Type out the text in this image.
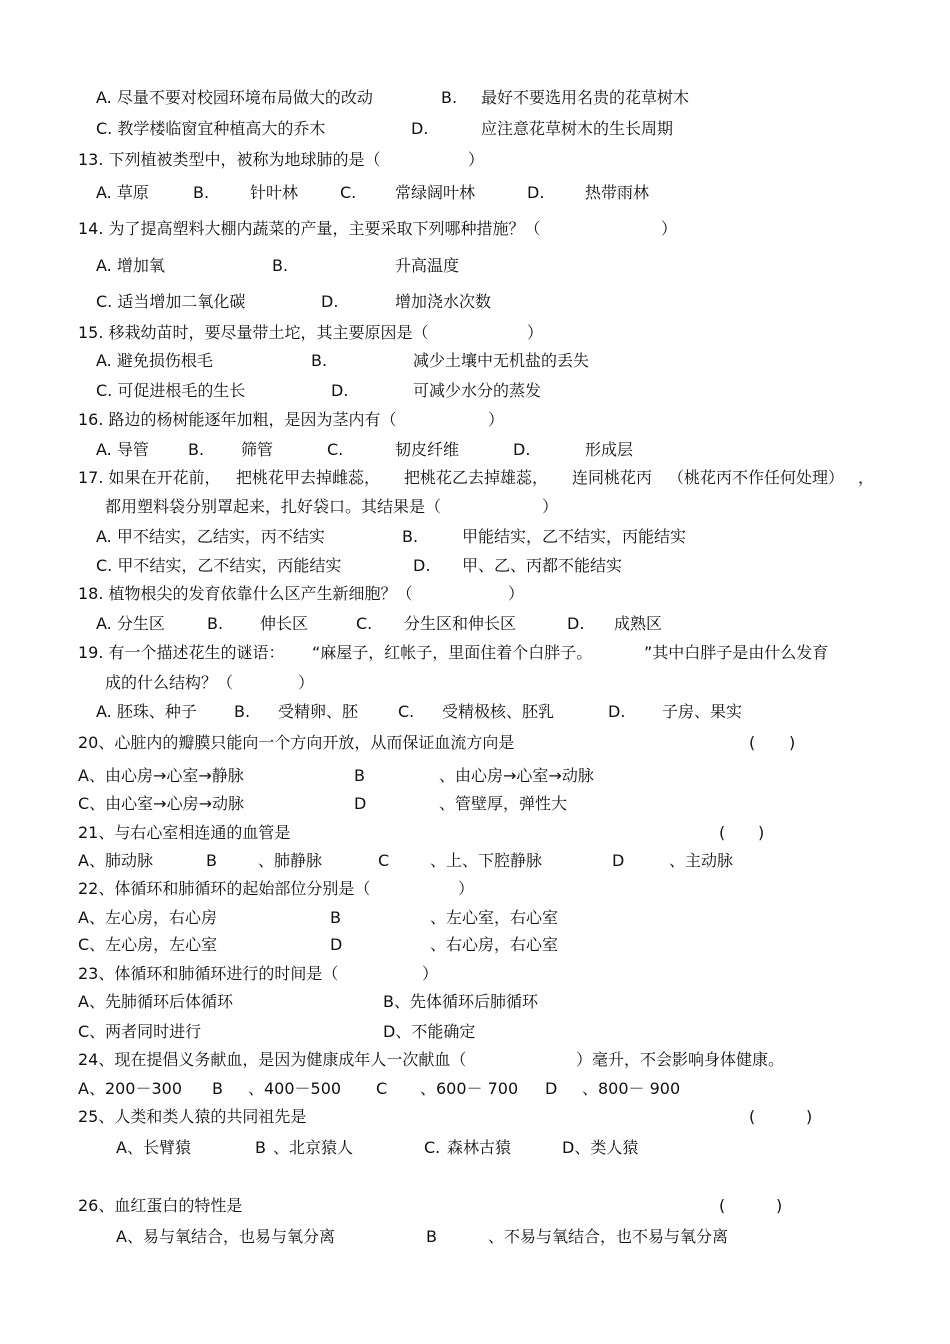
A. 尽量不要对校园环境布局做大的改动	B. 最好不要选用名贵的花草树木
C. 教学楼临窗宜种植高大的乔木	D.	应注意花草树木的生长周期
13. 下列植被类型中，被称为地球肺的是（	）
A. 草原	B.	针叶林	C. 常绿阔叶林	D.	热带雨林
14. 为了提高塑料大棚内蔬菜的产量，主要采取下列哪种措施？（	）
A. 增加氧	B.	升高温度
C. 适当增加二氧化碳	D.	增加浇水次数
15. 移栽幼苗时，要尽量带土坨，其主要原因是（	）
A. 避免损伤根毛	B.	减少土壤中无机盐的丢失
C. 可促进根毛的生长	D.	可减少水分的蒸发
16. 路边的杨树能逐年加粗，是因为茎内有（	）
A. 导管 B. 筛管	C.	韧皮纤维	D.	形成层
17. 如果在开花前， 把桃花甲去掉雌蕊， 把桃花乙去掉雄蕊， 连同桃花丙 （桃花丙不作任何处理） ，
都用塑料袋分别罩起来，扎好袋口。其结果是（	）
A. 甲不结实，乙结实，丙不结实	B.	甲能结实，乙不结实，丙能结实
C. 甲不结实，乙不结实，丙能结实	D. 甲、乙、丙都不能结实
18. 植物根尖的发育依靠什么区产生新细胞？（	）
A. 分生区	B. 伸长区	C. 分生区和伸长区	D. 成熟区
19. 有一个描述花生的谜语： “麻屋子，红帐子，里面住着个白胖子。	”其中白胖子是由什么发育
成的什么结构？（	）
A. 胚珠、种子 B. 受精卵、胚 C. 受精极核、胚乳	D. 子房、果实
20、心脏内的瓣膜只能向一个方向开放，从而保证血流方向是	( )
A、由心房→心室→静脉	B	、由心房→心室→动脉
C、由心室→心房→动脉	D	、管壁厚，弹性大
21、与右心室相连通的血管是	( )
A、肺动脉	B	、肺静脉	C	、上、下腔静脉	D	、主动脉
22、体循环和肺循环的起始部位分别是（	）
A、左心房，右心房	B	、左心室，右心室
C、左心房，左心室	D	、右心房，右心室
23、体循环和肺循环进行的时间是（	）
A、先肺循环后体循环	B、先体循环后肺循环
C、两者同时进行	D、不能确定
24、现在提倡义务献血，是因为健康成年人一次献血（	）毫升，不会影响身体健康。
A、200－300 B 、400－500 C 、600－ 700 D 、800－ 900
25、人类和类人猿的共同祖先是	(	)
A、长臂猿	B 、北京猿人	C. 森林古猿	D、类人猿
26、血红蛋白的特性是	(	)
A、易与氧结合，也易与氧分离	B	、不易与氧结合，也不易与氧分离
